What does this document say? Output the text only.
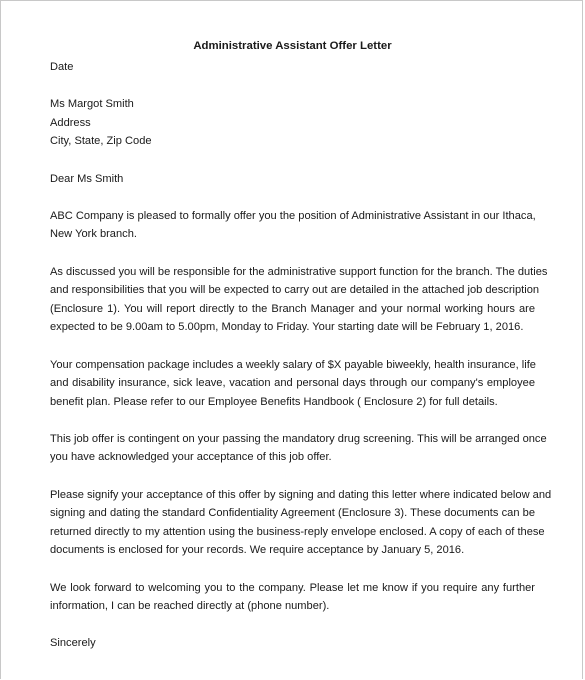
Administrative Assistant Offer Letter
Date
Ms Margot Smith
Address
City, State, Zip Code
Dear Ms Smith
ABC Company is pleased to formally offer you the position of Administrative Assistant in our Ithaca,
New York branch.
As discussed you will be responsible for the administrative support function for the branch. The duties
and responsibilities that you will be expected to carry out are detailed in the attached job description
(Enclosure 1). You will report directly to the Branch Manager and your normal working hours are
expected to be 9.00am to 5.00pm, Monday to Friday. Your starting date will be February 1, 2016.
Your compensation package includes a weekly salary of $X payable biweekly, health insurance, life
and disability insurance, sick leave, vacation and personal days through our company's employee
benefit plan. Please refer to our Employee Benefits Handbook ( Enclosure 2) for full details.
This job offer is contingent on your passing the mandatory drug screening. This will be arranged once
you have acknowledged your acceptance of this job offer.
Please signify your acceptance of this offer by signing and dating this letter where indicated below and
signing and dating the standard Confidentiality Agreement (Enclosure 3). These documents can be
returned directly to my attention using the business-reply envelope enclosed. A copy of each of these
documents is enclosed for your records. We require acceptance by January 5, 2016.
We look forward to welcoming you to the company. Please let me know if you require any further
information, I can be reached directly at (phone number).
Sincerely
